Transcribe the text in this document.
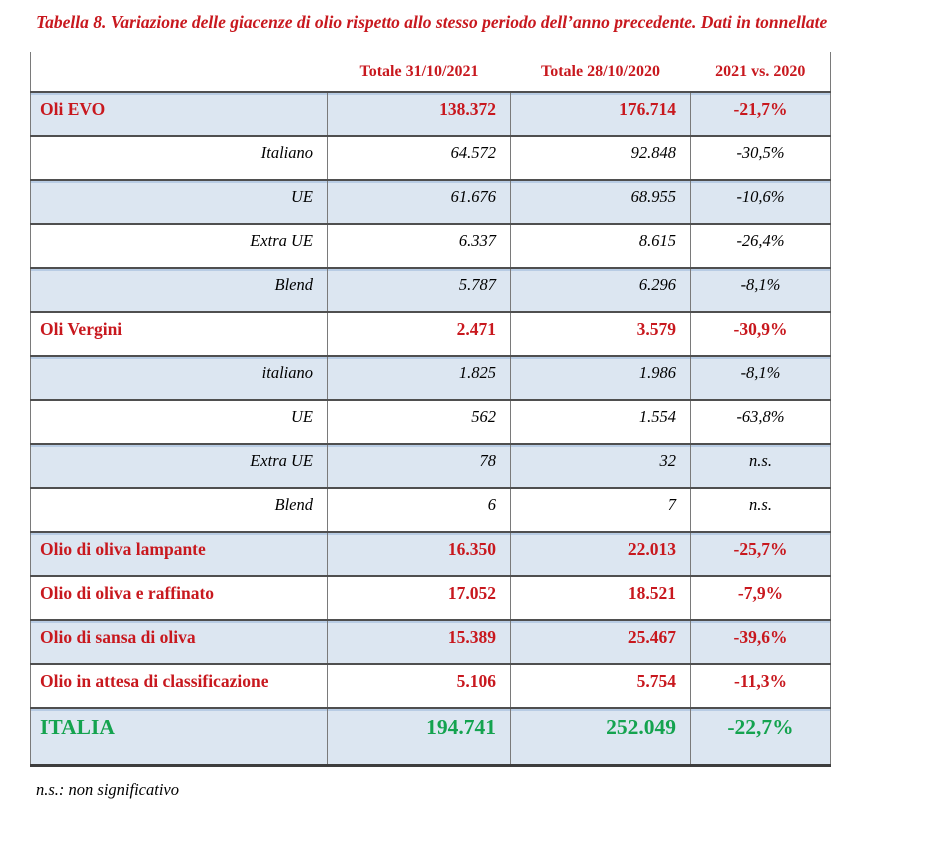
Tabella 8. Variazione delle giacenze di olio rispetto allo stesso periodo dell’anno precedente. Dati in tonnellate
	Totale 31/10/2021	Totale 28/10/2020	2021 vs. 2020
Oli EVO	138.372	176.714	-21,7%
Italiano	64.572	92.848	-30,5%
UE	61.676	68.955	-10,6%
Extra UE	6.337	8.615	-26,4%
Blend	5.787	6.296	-8,1%
Oli Vergini	2.471	3.579	-30,9%
italiano	1.825	1.986	-8,1%
UE	562	1.554	-63,8%
Extra UE	78	32	n.s.
Blend	6	7	n.s.
Olio di oliva lampante	16.350	22.013	-25,7%
Olio di oliva e raffinato	17.052	18.521	-7,9%
Olio di sansa di oliva	15.389	25.467	-39,6%
Olio in attesa di classificazione	5.106	5.754	-11,3%
ITALIA	194.741	252.049	-22,7%
n.s.: non significativo
